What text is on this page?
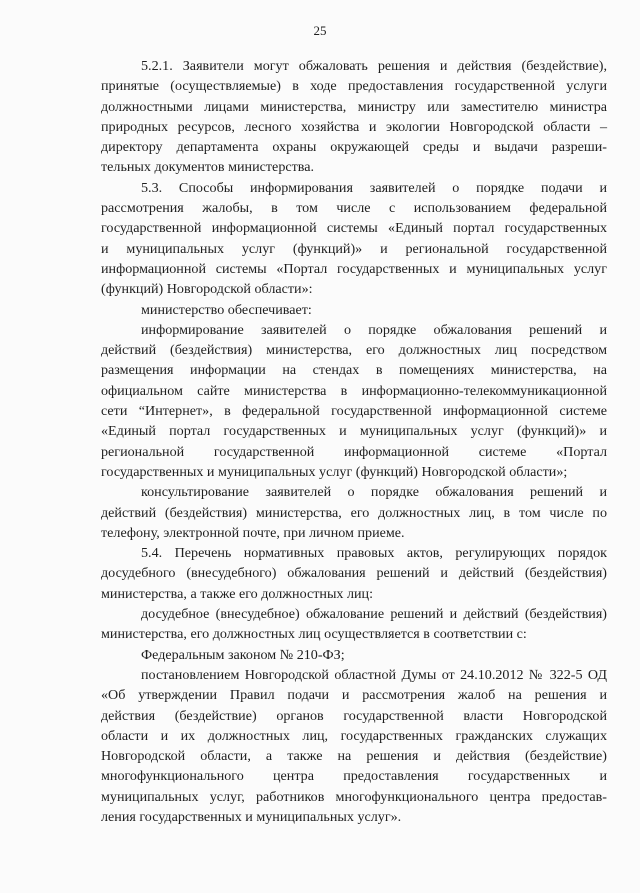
25

5.2.1. Заявители могут обжаловать решения и действия (бездействие),

принятые (осуществляемые) в ходе предоставления государственной услуги

должностными лицами министерства, министру или заместителю министра

природных ресурсов, лесного хозяйства и экологии Новгородской области –

директору департамента охраны окружающей среды и выдачи разреши-

тельных документов министерства.

5.3. Способы информирования заявителей о порядке подачи и

рассмотрения жалобы, в том числе с использованием федеральной

государственной информационной системы «Единый портал государственных

и муниципальных услуг (функций)» и региональной государственной

информационной системы «Портал государственных и муниципальных услуг

(функций) Новгородской области»:

министерство обеспечивает:

информирование заявителей о порядке обжалования решений и

действий (бездействия) министерства, его должностных лиц посредством

размещения информации на стендах в помещениях министерства, на

официальном сайте министерства в информационно-телекоммуникационной

сети “Интернет», в федеральной государственной информационной системе

«Единый портал государственных и муниципальных услуг (функций)» и

региональной государственной информационной системе «Портал

государственных и муниципальных услуг (функций) Новгородской области»;

консультирование заявителей о порядке обжалования решений и

действий (бездействия) министерства, его должностных лиц, в том числе по

телефону, электронной почте, при личном приеме.

5.4. Перечень нормативных правовых актов, регулирующих порядок

досудебного (внесудебного) обжалования решений и действий (бездействия)

министерства, а также его должностных лиц:

досудебное (внесудебное) обжалование решений и действий (бездействия)

министерства, его должностных лиц осуществляется в соответствии с:

Федеральным законом № 210-ФЗ;

постановлением Новгородской областной Думы от 24.10.2012 № 322-5 ОД

«Об утверждении Правил подачи и рассмотрения жалоб на решения и

действия (бездействие) органов государственной власти Новгородской

области и их должностных лиц, государственных гражданских служащих

Новгородской области, а также на решения и действия (бездействие)

многофункционального центра предоставления государственных и

муниципальных услуг, работников многофункционального центра предостав-

ления государственных и муниципальных услуг».
